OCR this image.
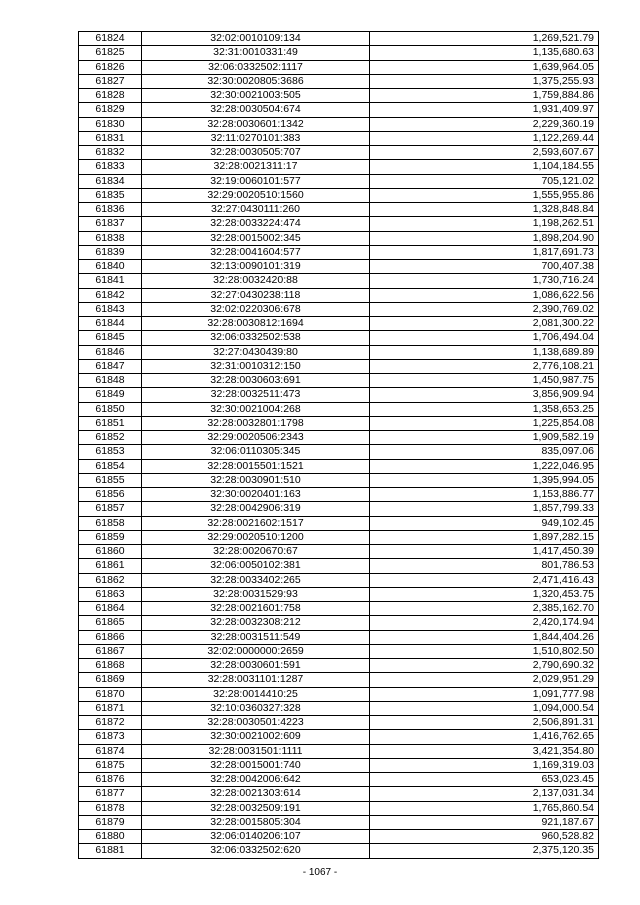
61824	32:02:0010109:134	1,269,521.79
61825	32:31:0010331:49	1,135,680.63
61826	32:06:0332502:1117	1,639,964.05
61827	32:30:0020805:3686	1,375,255.93
61828	32:30:0021003:505	1,759,884.86
61829	32:28:0030504:674	1,931,409.97
61830	32:28:0030601:1342	2,229,360.19
61831	32:11:0270101:383	1,122,269.44
61832	32:28:0030505:707	2,593,607.67
61833	32:28:0021311:17	1,104,184.55
61834	32:19:0060101:577	705,121.02
61835	32:29:0020510:1560	1,555,955.86
61836	32:27:0430111:260	1,328,848.84
61837	32:28:0033224:474	1,198,262.51
61838	32:28:0015002:345	1,898,204.90
61839	32:28:0041604:577	1,817,691.73
61840	32:13:0090101:319	700,407.38
61841	32:28:0032420:88	1,730,716.24
61842	32:27:0430238:118	1,086,622.56
61843	32:02:0220306:678	2,390,769.02
61844	32:28:0030812:1694	2,081,300.22
61845	32:06:0332502:538	1,706,494.04
61846	32:27:0430439:80	1,138,689.89
61847	32:31:0010312:150	2,776,108.21
61848	32:28:0030603:691	1,450,987.75
61849	32:28:0032511:473	3,856,909.94
61850	32:30:0021004:268	1,358,653.25
61851	32:28:0032801:1798	1,225,854.08
61852	32:29:0020506:2343	1,909,582.19
61853	32:06:0110305:345	835,097.06
61854	32:28:0015501:1521	1,222,046.95
61855	32:28:0030901:510	1,395,994.05
61856	32:30:0020401:163	1,153,886.77
61857	32:28:0042906:319	1,857,799.33
61858	32:28:0021602:1517	949,102.45
61859	32:29:0020510:1200	1,897,282.15
61860	32:28:0020670:67	1,417,450.39
61861	32:06:0050102:381	801,786.53
61862	32:28:0033402:265	2,471,416.43
61863	32:28:0031529:93	1,320,453.75
61864	32:28:0021601:758	2,385,162.70
61865	32:28:0032308:212	2,420,174.94
61866	32:28:0031511:549	1,844,404.26
61867	32:02:0000000:2659	1,510,802.50
61868	32:28:0030601:591	2,790,690.32
61869	32:28:0031101:1287	2,029,951.29
61870	32:28:0014410:25	1,091,777.98
61871	32:10:0360327:328	1,094,000.54
61872	32:28:0030501:4223	2,506,891.31
61873	32:30:0021002:609	1,416,762.65
61874	32:28:0031501:1111	3,421,354.80
61875	32:28:0015001:740	1,169,319.03
61876	32:28:0042006:642	653,023.45
61877	32:28:0021303:614	2,137,031.34
61878	32:28:0032509:191	1,765,860.54
61879	32:28:0015805:304	921,187.67
61880	32:06:0140206:107	960,528.82
61881	32:06:0332502:620	2,375,120.35
- 1067 -
